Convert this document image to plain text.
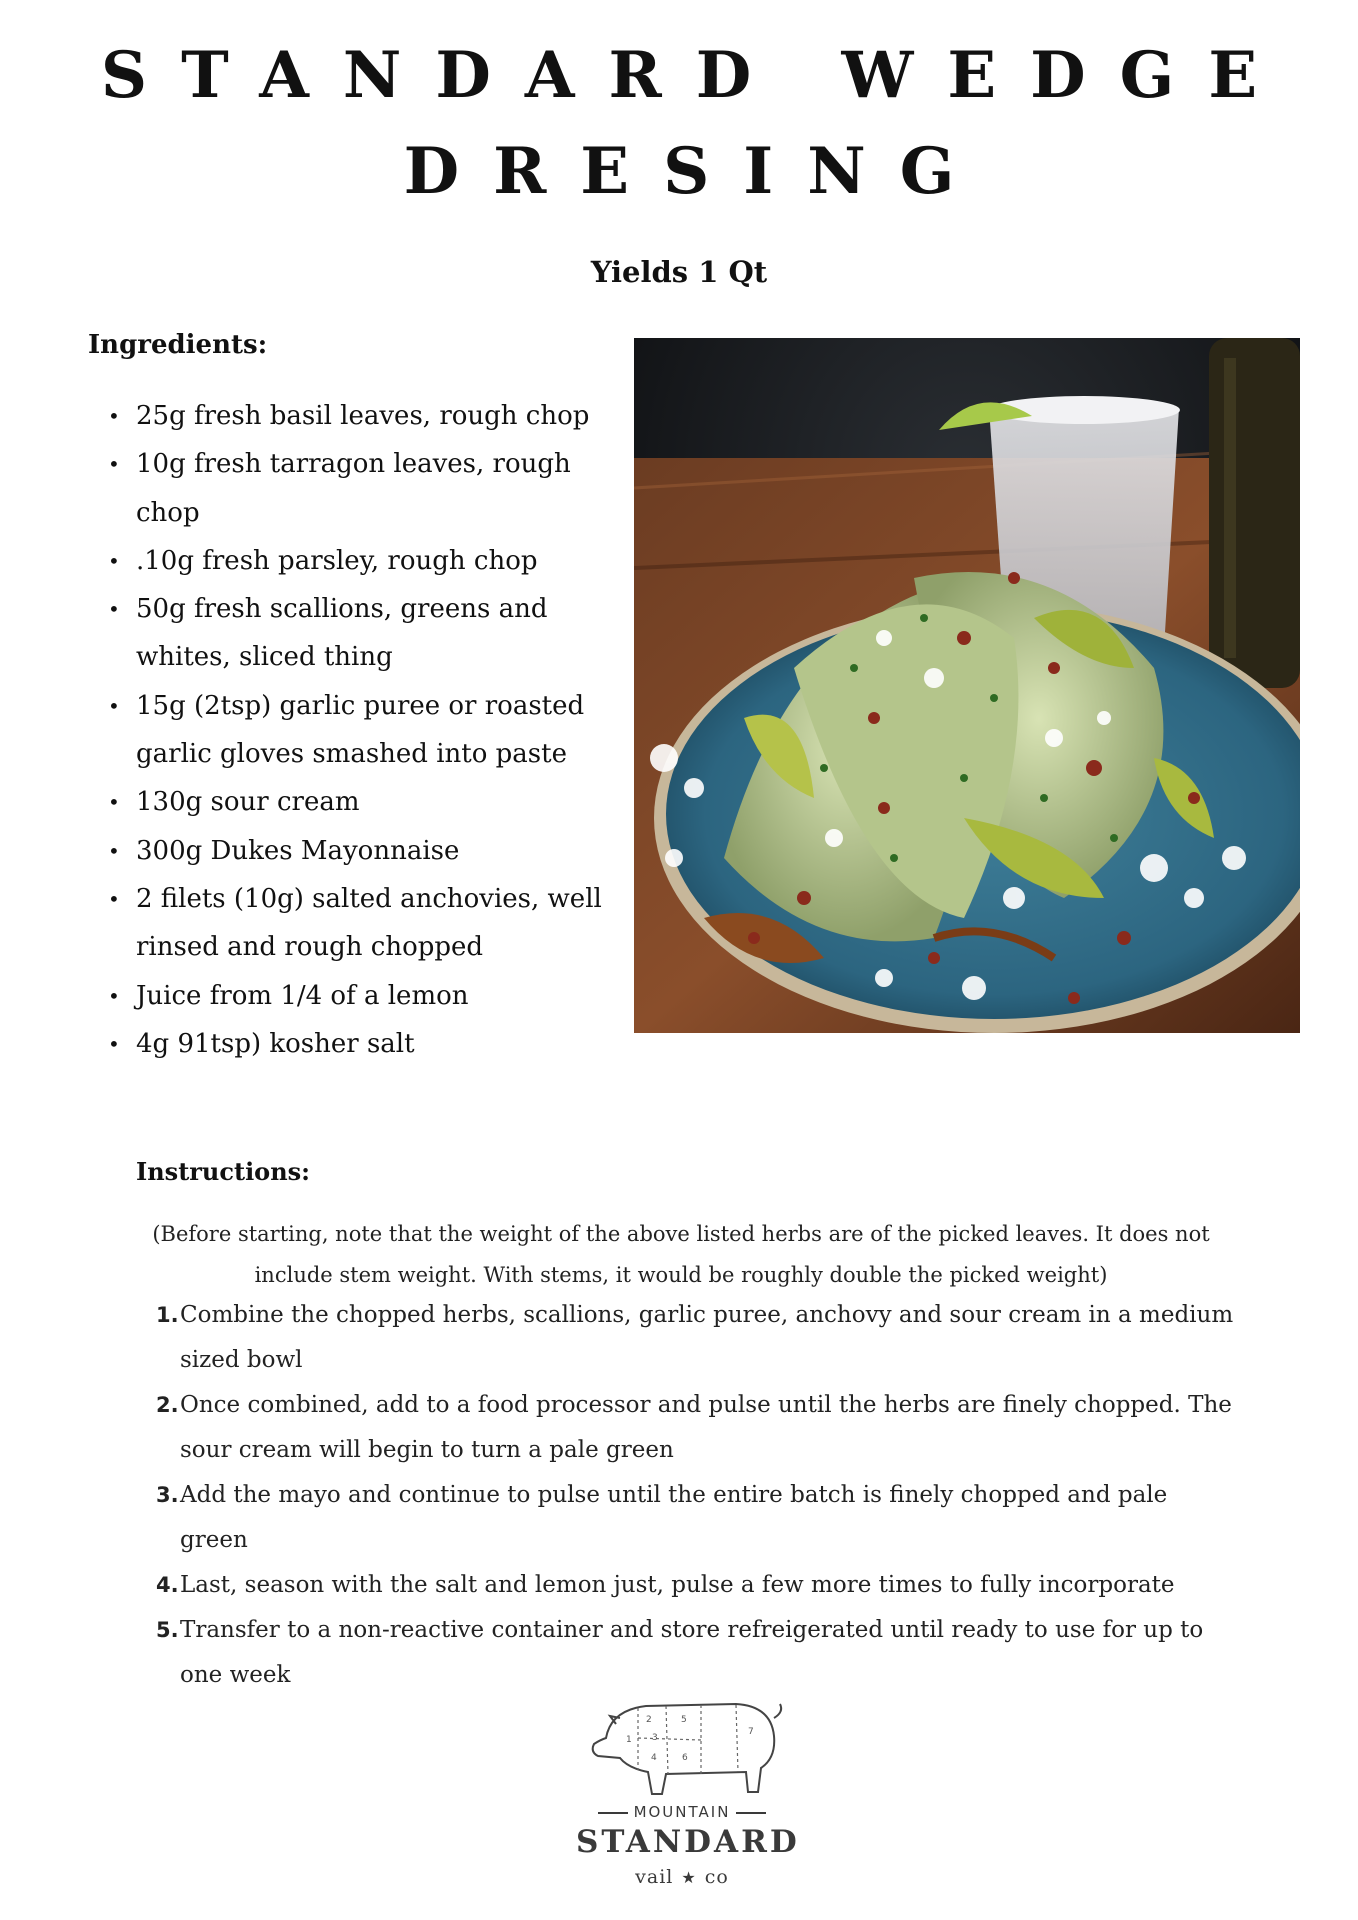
STANDARD WEDGE
DRESING
Yields 1 Qt
Ingredients:
• 25g fresh basil leaves, rough chop
• 10g fresh tarragon leaves, rough chop
• .10g fresh parsley, rough chop
• 50g fresh scallions, greens and whites, sliced thing
• 15g (2tsp) garlic puree or roasted garlic gloves smashed into paste
• 130g sour cream
• 300g Dukes Mayonnaise
• 2 filets (10g) salted anchovies, well rinsed and rough chopped
• Juice from 1/4 of a lemon
• 4g 91tsp) kosher salt
Instructions:

(Before starting, note that the weight of the above listed herbs are of the picked leaves. It does not include stem weight. With stems, it would be roughly double the picked weight)

1. Combine the chopped herbs, scallions, garlic puree, anchovy and sour cream in a medium sized bowl
2. Once combined, add to a food processor and pulse until the herbs are finely chopped. The sour cream will begin to turn a pale green
3. Add the mayo and continue to pulse until the entire batch is finely chopped and pale green
4. Last, season with the salt and lemon just, pulse a few more times to fully incorporate
5. Transfer to a non-reactive container and store refreigerated until ready to use for up to one week
1
2
3
4
5
6
7
MOUNTAIN
STANDARD
vail ★ co
